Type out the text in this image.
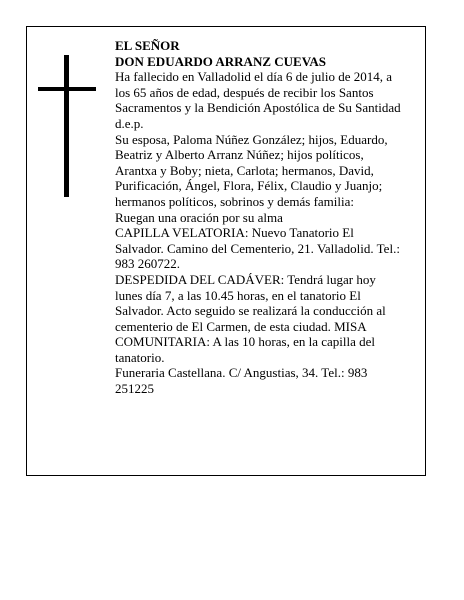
EL SEÑOR
DON EDUARDO ARRANZ CUEVAS
Ha fallecido en Valladolid el día 6 de julio de 2014, a
los 65 años de edad, después de recibir los Santos
Sacramentos y la Bendición Apostólica de Su Santidad
d.e.p.
Su esposa, Paloma Núñez González; hijos, Eduardo,
Beatriz y Alberto Arranz Núñez; hijos políticos,
Arantxa y Boby; nieta, Carlota; hermanos, David,
Purificación, Ángel, Flora, Félix, Claudio y Juanjo;
hermanos políticos, sobrinos y demás familia:
Ruegan una oración por su alma
CAPILLA VELATORIA: Nuevo Tanatorio El
Salvador. Camino del Cementerio, 21. Valladolid. Tel.:
983 260722.
DESPEDIDA DEL CADÁVER: Tendrá lugar hoy
lunes día 7, a las 10.45 horas, en el tanatorio El
Salvador. Acto seguido se realizará la conducción al
cementerio de El Carmen, de esta ciudad. MISA
COMUNITARIA: A las 10 horas, en la capilla del
tanatorio.
Funeraria Castellana. C/ Angustias, 34. Tel.: 983
251225
